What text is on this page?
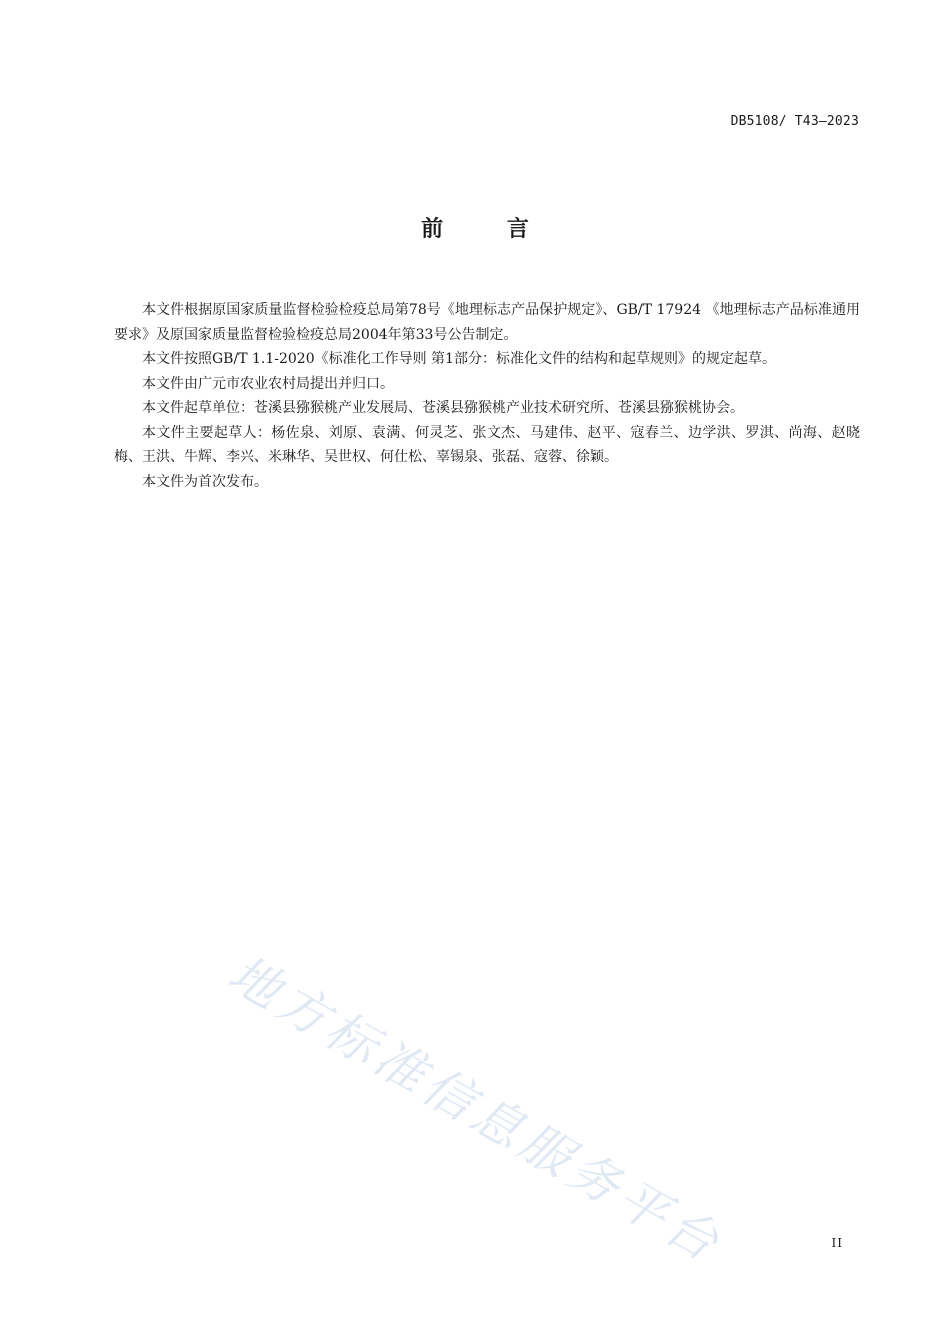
DB5108/ T43—2023
前 言

本文件根据原国家质量监督检验检疫总局第78号《地理标志产品保护规定》、GB/T 17924 《地理标志产品标准通用要求》及原国家质量监督检验检疫总局2004年第33号公告制定。

本文件按照GB/T 1.1-2020《标准化工作导则 第1部分：标准化文件的结构和起草规则》的规定起草。

本文件由广元市农业农村局提出并归口。

本文件起草单位：苍溪县猕猴桃产业发展局、苍溪县猕猴桃产业技术研究所、苍溪县猕猴桃协会。

本文件主要起草人：杨佐泉、刘原、袁满、何灵芝、张文杰、马建伟、赵平、寇春兰、边学洪、罗淇、尚海、赵晓梅、王洪、牛辉、李兴、米琳华、吴世权、何仕松、辜锡泉、张磊、寇蓉、徐颖。

本文件为首次发布。

地方标准信息服务平台	II
